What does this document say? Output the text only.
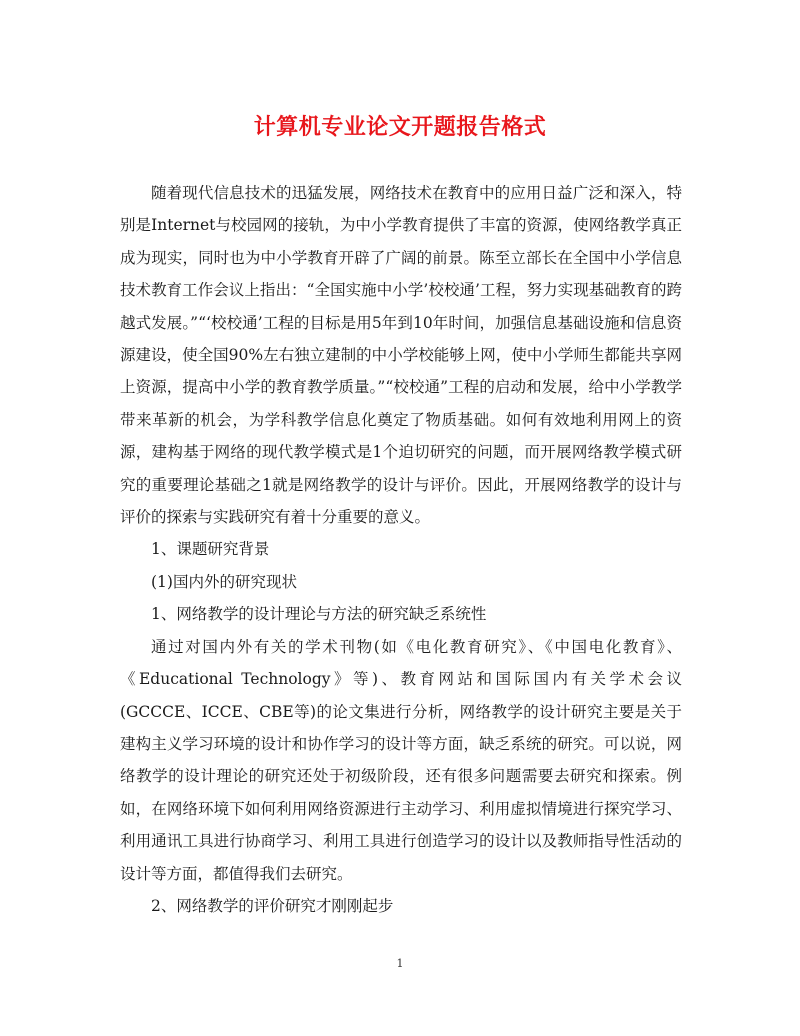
计算机专业论文开题报告格式

随着现代信息技术的迅猛发展，网络技术在教育中的应用日益广泛和深入，特别是Internet与校园网的接轨，为中小学教育提供了丰富的资源，使网络教学真正成为现实，同时也为中小学教育开辟了广阔的前景。陈至立部长在全国中小学信息技术教育工作会议上指出：“全国实施中小学’校校通’工程，努力实现基础教育的跨越式发展。”“‘校校通’工程的目标是用5年到10年时间，加强信息基础设施和信息资源建设，使全国90%左右独立建制的中小学校能够上网，使中小学师生都能共享网上资源，提高中小学的教育教学质量。”“校校通”工程的启动和发展，给中小学教学带来革新的机会，为学科教学信息化奠定了物质基础。如何有效地利用网上的资源，建构基于网络的现代教学模式是1个迫切研究的问题，而开展网络教学模式研究的重要理论基础之1就是网络教学的设计与评价。因此，开展网络教学的设计与评价的探索与实践研究有着十分重要的意义。

1、课题研究背景

(1)国内外的研究现状

1、网络教学的设计理论与方法的研究缺乏系统性

通过对国内外有关的学术刊物(如《电化教育研究》、《中国电化教育》、《Educational Technology》等)、教育网站和国际国内有关学术会议(GCCCE、ICCE、CBE等)的论文集进行分析，网络教学的设计研究主要是关于建构主义学习环境的设计和协作学习的设计等方面，缺乏系统的研究。可以说，网络教学的设计理论的研究还处于初级阶段，还有很多问题需要去研究和探索。例如，在网络环境下如何利用网络资源进行主动学习、利用虚拟情境进行探究学习、利用通讯工具进行协商学习、利用工具进行创造学习的设计以及教师指导性活动的设计等方面，都值得我们去研究。

2、网络教学的评价研究才刚刚起步

1
